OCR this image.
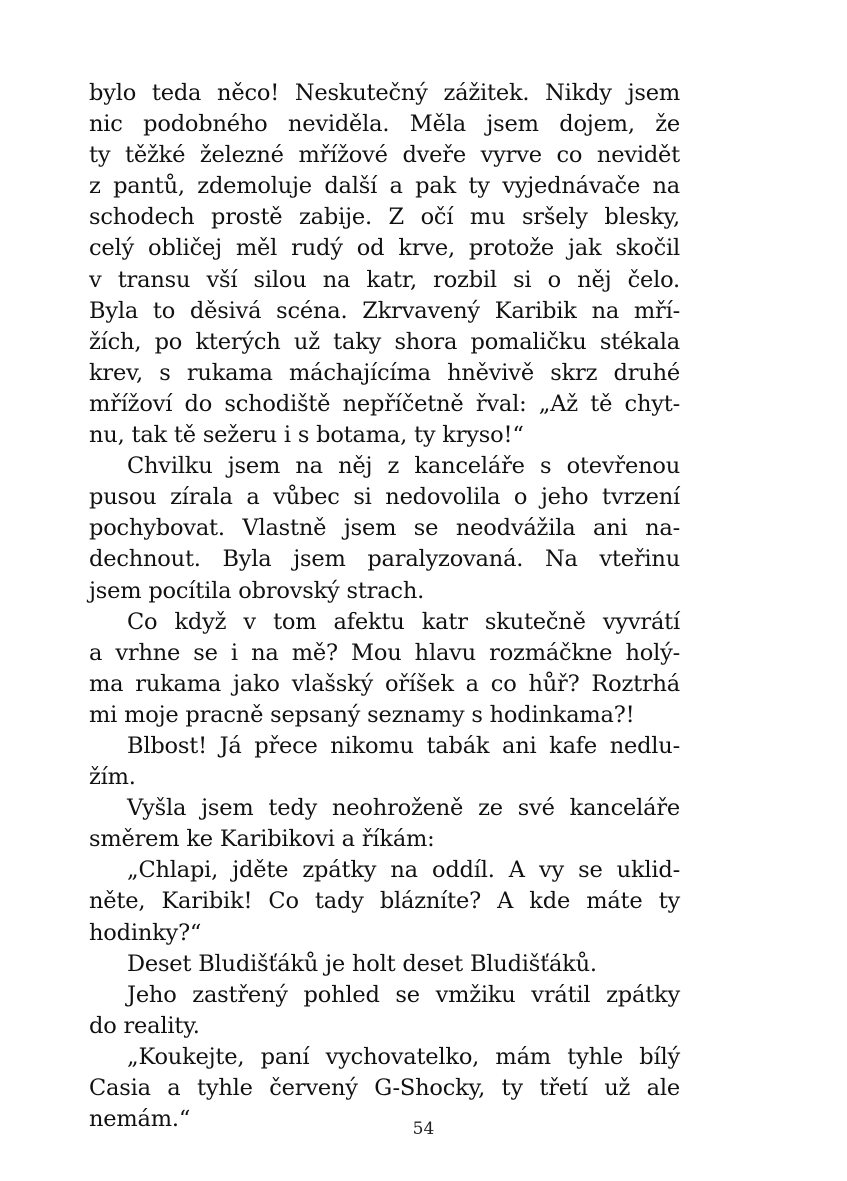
bylo teda něco! Neskutečný zážitek. Nikdy jsem
nic podobného neviděla. Měla jsem dojem, že
ty těžké železné mřížové dveře vyrve co nevidět
z pantů, zdemoluje další a pak ty vyjednávače na
schodech prostě zabije. Z očí mu sršely blesky,
celý obličej měl rudý od krve, protože jak skočil
v transu vší silou na katr, rozbil si o něj čelo.
Byla to děsivá scéna. Zkrvavený Karibik na mří-
žích, po kterých už taky shora pomaličku stékala
krev, s rukama máchajícíma hněvivě skrz druhé
mřížoví do schodiště nepříčetně řval: „Až tě chyt-
nu, tak tě sežeru i s botama, ty kryso!“
Chvilku jsem na něj z kanceláře s otevřenou
pusou zírala a vůbec si nedovolila o jeho tvrzení
pochybovat. Vlastně jsem se neodvážila ani na-
dechnout. Byla jsem paralyzovaná. Na vteřinu
jsem pocítila obrovský strach.
Co když v tom afektu katr skutečně vyvrátí
a vrhne se i na mě? Mou hlavu rozmáčkne holý-
ma rukama jako vlašský oříšek a co hůř? Roztrhá
mi moje pracně sepsaný seznamy s hodinkama?!
Blbost! Já přece nikomu tabák ani kafe nedlu-
žím.
Vyšla jsem tedy neohroženě ze své kanceláře
směrem ke Karibikovi a říkám:
„Chlapi, jděte zpátky na oddíl. A vy se uklid-
něte, Karibik! Co tady blázníte? A kde máte ty
hodinky?“
Deset Bludišťáků je holt deset Bludišťáků.
Jeho zastřený pohled se vmžiku vrátil zpátky
do reality.
„Koukejte, paní vychovatelko, mám tyhle bílý
Casia a tyhle červený G-Shocky, ty třetí už ale
nemám.“	54
